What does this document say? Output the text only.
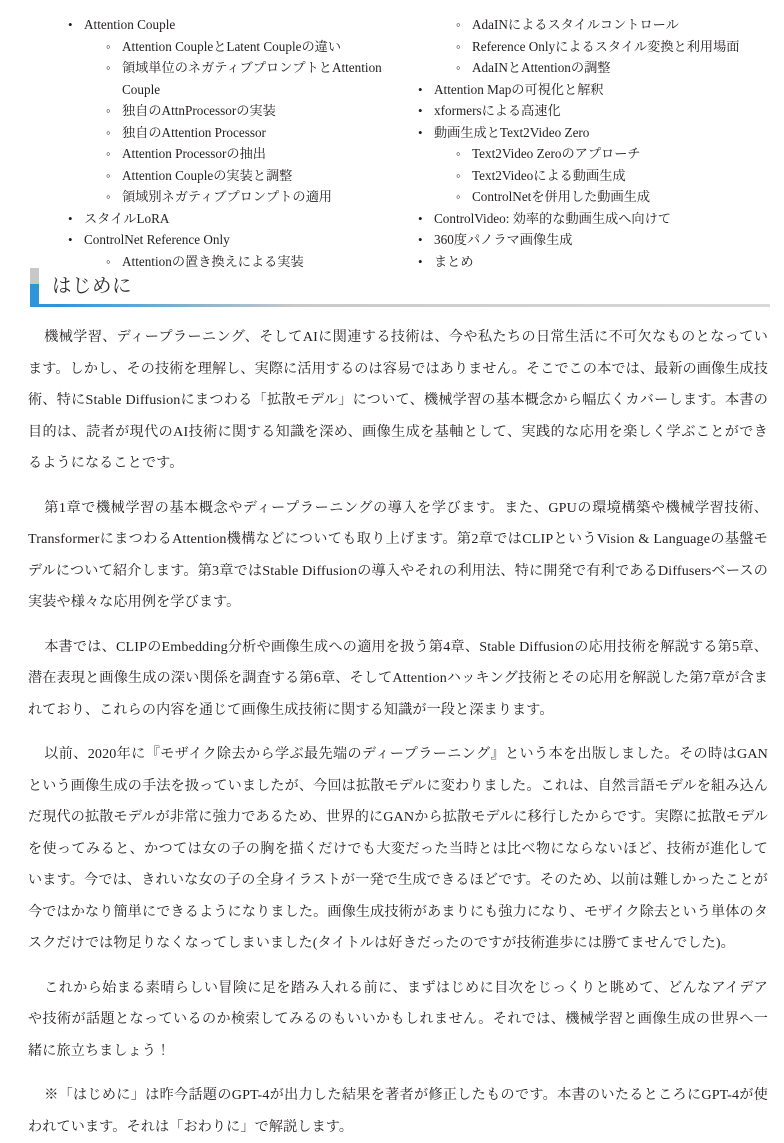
•
Attention Couple
◦
Attention CoupleとLatent Coupleの違い
◦
領域単位のネガティブプロンプトとAttention Couple
◦
独自のAttnProcessorの実装
◦
独自のAttention Processor
◦
Attention Processorの抽出
◦
Attention Coupleの実装と調整
◦
領域別ネガティブプロンプトの適用
•
スタイルLoRA
•
ControlNet Reference Only
◦
Attentionの置き換えによる実装
◦
AdaINによるスタイルコントロール
◦
Reference Onlyによるスタイル変換と利用場面
◦
AdaINとAttentionの調整
•
Attention Mapの可視化と解釈
•
xformersによる高速化
•
動画生成とText2Video Zero
◦
Text2Video Zeroのアプローチ
◦
Text2Videoによる動画生成
◦
ControlNetを併用した動画生成
•
ControlVideo: 効率的な動画生成へ向けて
•
360度パノラマ画像生成
•
まとめ
はじめに

機械学習、ディープラーニング、そしてAIに関連する技術は、今や私たちの日常生活に不可欠なものとなっています。しかし、その技術を理解し、実際に活用するのは容易ではありません。そこでこの本では、最新の画像生成技術、特にStable Diffusionにまつわる「拡散モデル」について、機械学習の基本概念から幅広くカバーします。本書の目的は、読者が現代のAI技術に関する知識を深め、画像生成を基軸として、実践的な応用を楽しく学ぶことができるようになることです。

第1章で機械学習の基本概念やディープラーニングの導入を学びます。また、GPUの環境構築や機械学習技術、TransformerにまつわるAttention機構などについても取り上げます。第2章ではCLIPというVision & Languageの基盤モデルについて紹介します。第3章ではStable Diffusionの導入やそれの利用法、特に開発で有利であるDiffusersベースの実装や様々な応用例を学びます。

本書では、CLIPのEmbedding分析や画像生成への適用を扱う第4章、Stable Diffusionの応用技術を解説する第5章、潜在表現と画像生成の深い関係を調査する第6章、そしてAttentionハッキング技術とその応用を解説した第7章が含まれており、これらの内容を通じて画像生成技術に関する知識が一段と深まります。

以前、2020年に『モザイク除去から学ぶ最先端のディープラーニング』という本を出版しました。その時はGANという画像生成の手法を扱っていましたが、今回は拡散モデルに変わりました。これは、自然言語モデルを組み込んだ現代の拡散モデルが非常に強力であるため、世界的にGANから拡散モデルに移行したからです。実際に拡散モデルを使ってみると、かつては女の子の胸を描くだけでも大変だった当時とは比べ物にならないほど、技術が進化しています。今では、きれいな女の子の全身イラストが一発で生成できるほどです。そのため、以前は難しかったことが今ではかなり簡単にできるようになりました。画像生成技術があまりにも強力になり、モザイク除去という単体のタスクだけでは物足りなくなってしまいました(タイトルは好きだったのですが技術進歩には勝てませんでした)。

これから始まる素晴らしい冒険に足を踏み入れる前に、まずはじめに目次をじっくりと眺めて、どんなアイデアや技術が話題となっているのか検索してみるのもいいかもしれません。それでは、機械学習と画像生成の世界へ一緒に旅立ちましょう！

※「はじめに」は昨今話題のGPT-4が出力した結果を著者が修正したものです。本書のいたるところにGPT-4が使われています。それは「おわりに」で解説します。
